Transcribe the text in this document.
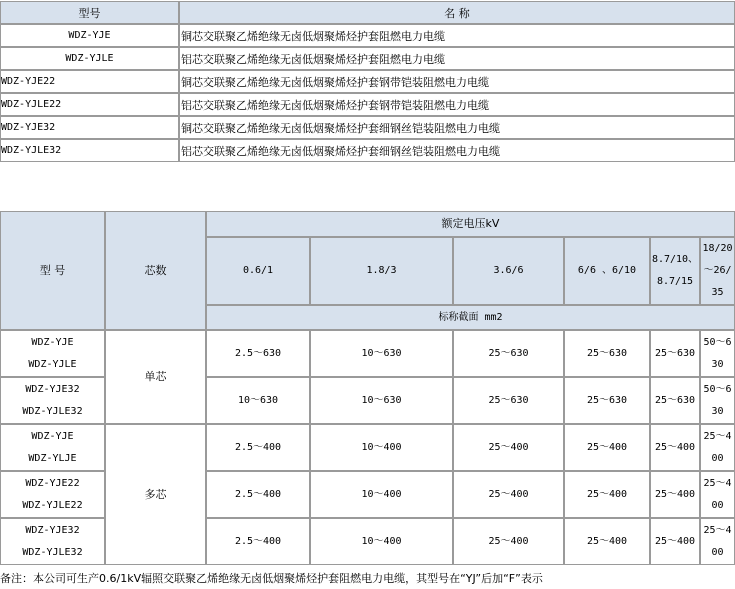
型号	名 称
WDZ-YJE	铜芯交联聚乙烯绝缘无卤低烟聚烯烃护套阻燃电力电缆
WDZ-YJLE	铝芯交联聚乙烯绝缘无卤低烟聚烯烃护套阻燃电力电缆
WDZ-YJE22	铜芯交联聚乙烯绝缘无卤低烟聚烯烃护套钢带铠装阻燃电力电缆
WDZ-YJLE22	铝芯交联聚乙烯绝缘无卤低烟聚烯烃护套钢带铠装阻燃电力电缆
WDZ-YJE32	铜芯交联聚乙烯绝缘无卤低烟聚烯烃护套细钢丝铠装阻燃电力电缆
WDZ-YJLE32	铝芯交联聚乙烯绝缘无卤低烟聚烯烃护套细钢丝铠装阻燃电力电缆
型 号	芯数	额定电压kV					
		0.6/1	1.8/3	3.6/6	6/6 、6/10	8.7/10、8.7/15	18/20～26/35
		标称截面 mm2					
WDZ-YJE
WDZ-YJLE	单芯	2.5～630	10～630	25～630	25～630	25～630	50～630
WDZ-YJE32
WDZ-YJLE32		10～630	10～630	25～630	25～630	25～630	50～630
WDZ-YJE
WDZ-YLJE	多芯	2.5～400	10～400	25～400	25～400	25～400	25～400
WDZ-YJE22
WDZ-YJLE22		2.5～400	10～400	25～400	25～400	25～400	25～400
WDZ-YJE32
WDZ-YJLE32		2.5～400	10～400	25～400	25～400	25～400	25～400
备注：本公司可生产0.6/1kV辐照交联聚乙烯绝缘无卤低烟聚烯烃护套阻燃电力电缆，其型号在“YJ”后加“F”表示
